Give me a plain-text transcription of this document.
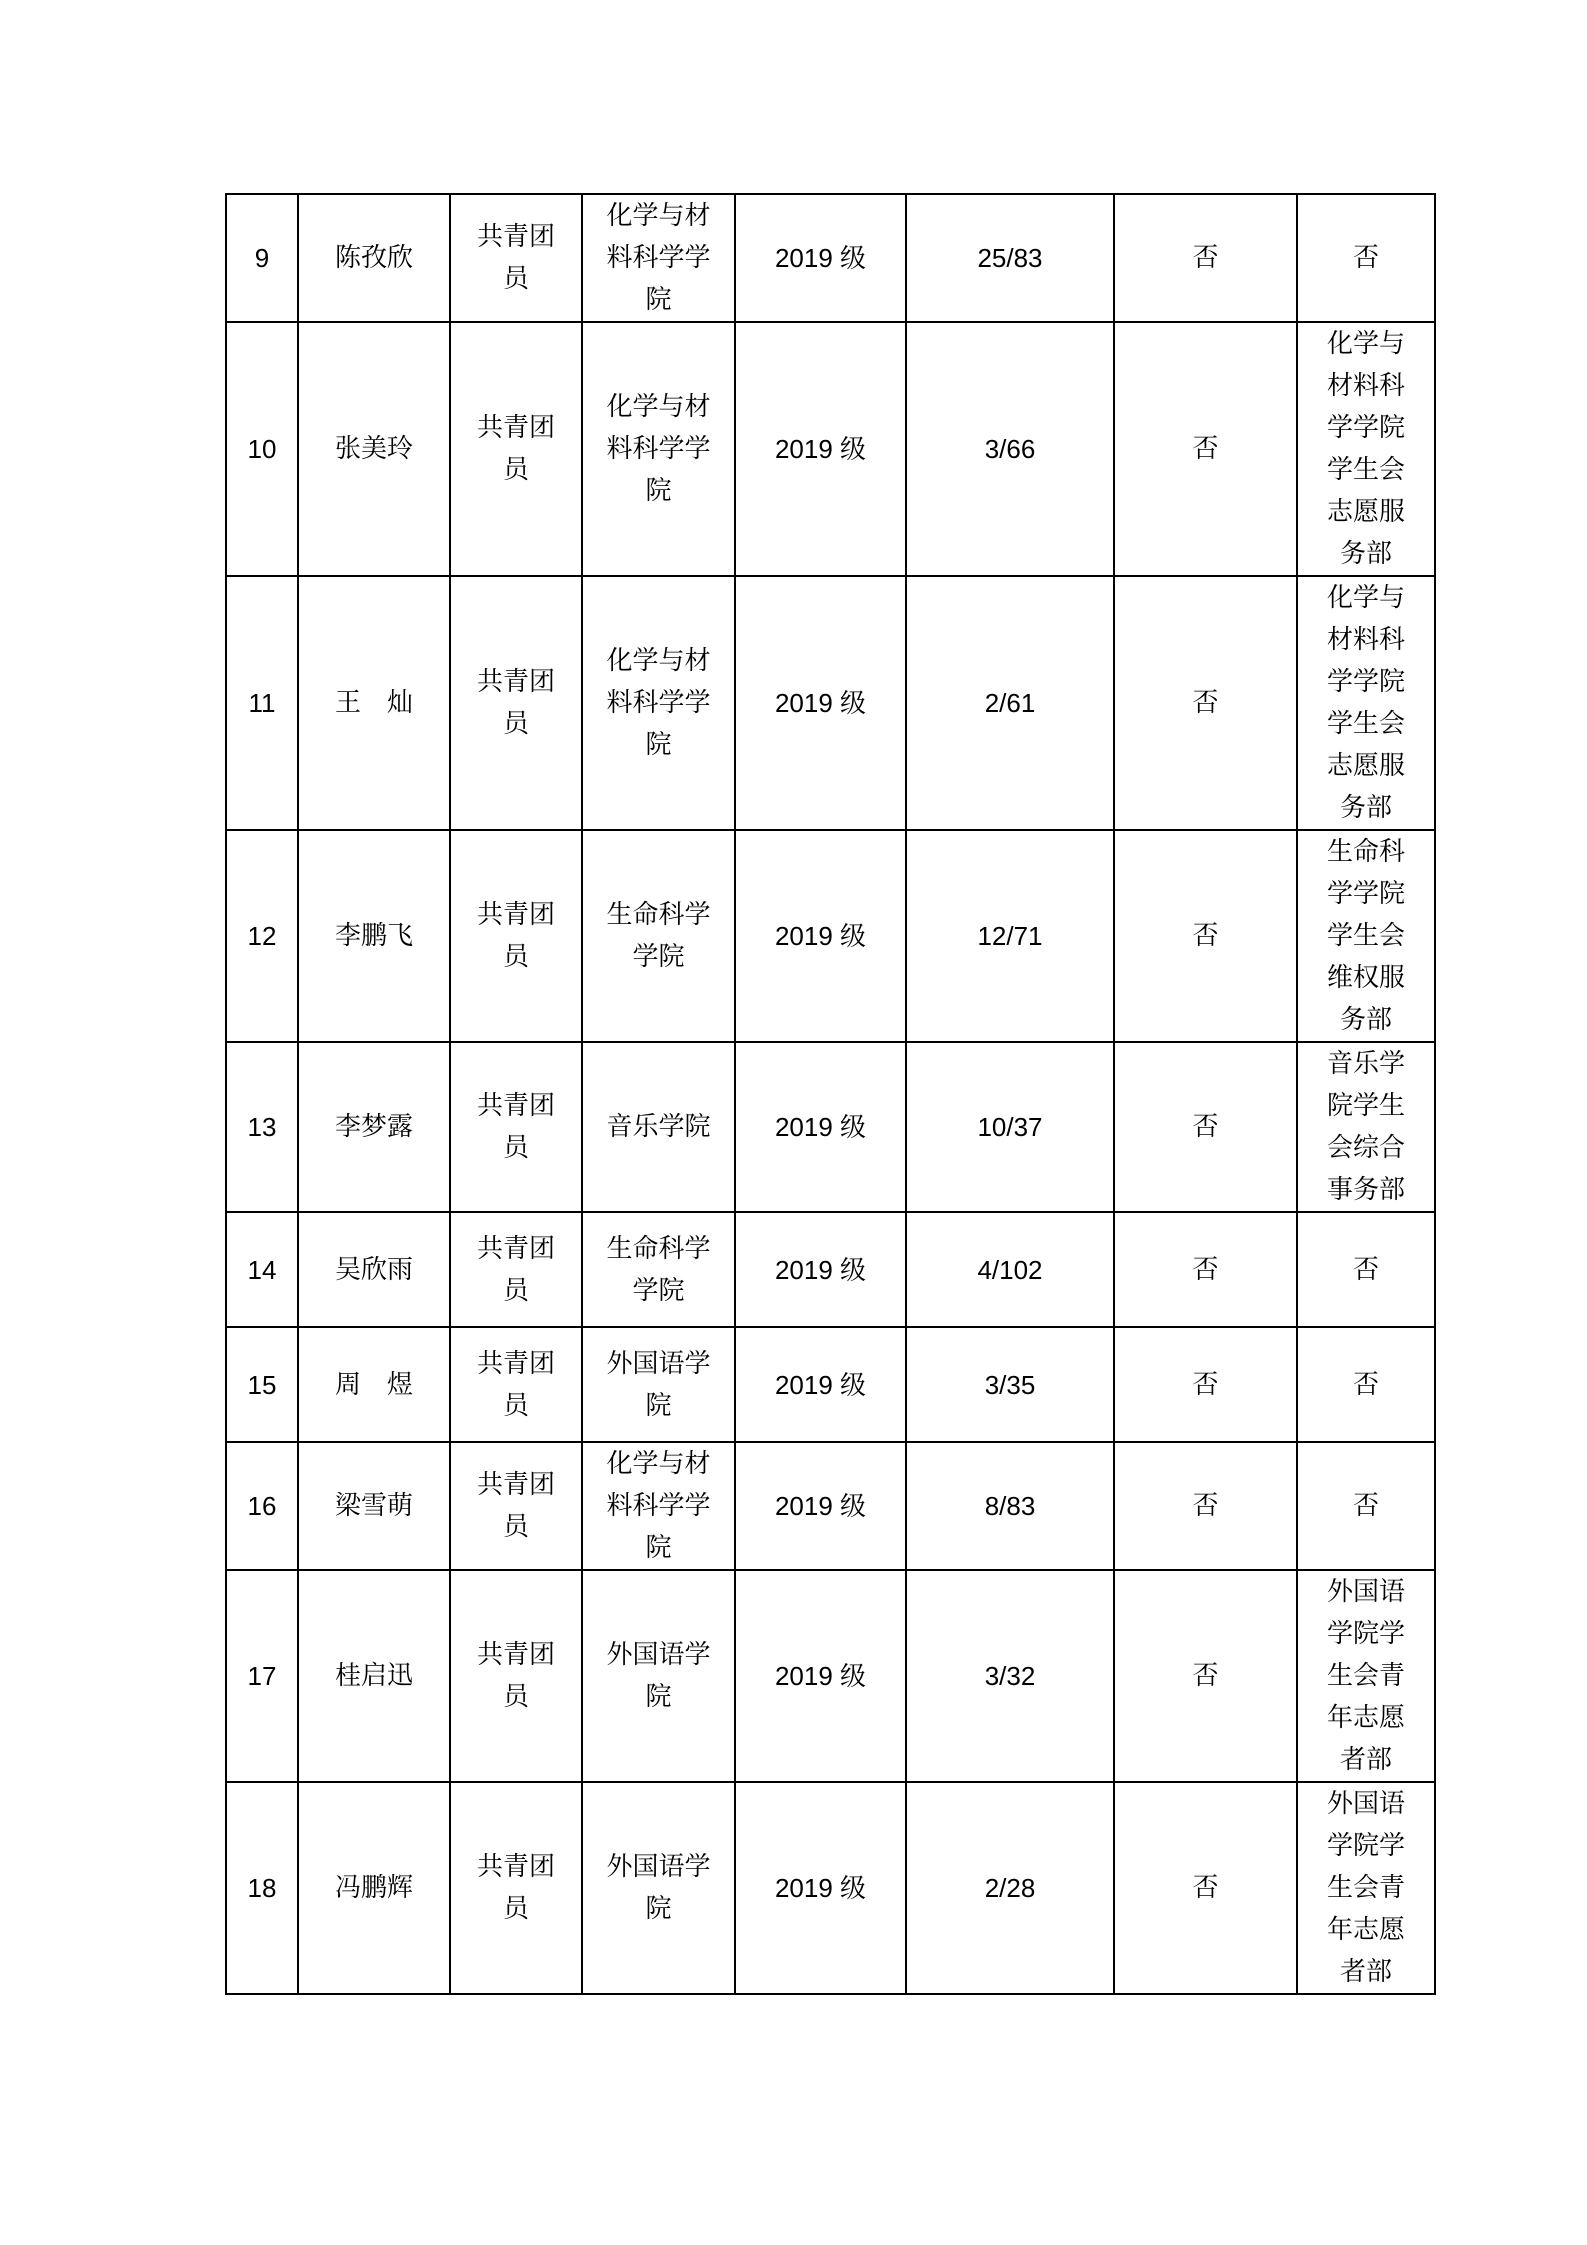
9	陈孜欣	共青团员	化学与材料科学学院	2019 级	25/83	否	否
10	张美玲	共青团员	化学与材料科学学院	2019 级	3/66	否	化学与材料科学学院学生会志愿服务部
11	王　灿	共青团员	化学与材料科学学院	2019 级	2/61	否	化学与材料科学学院学生会志愿服务部
12	李鹏飞	共青团员	生命科学学院	2019 级	12/71	否	生命科学学院学生会维权服务部
13	李梦露	共青团员	音乐学院	2019 级	10/37	否	音乐学院学生会综合事务部
14	吴欣雨	共青团员	生命科学学院	2019 级	4/102	否	否
15	周　煜	共青团员	外国语学院	2019 级	3/35	否	否
16	梁雪萌	共青团员	化学与材料科学学院	2019 级	8/83	否	否
17	桂启迅	共青团员	外国语学院	2019 级	3/32	否	外国语学院学生会青年志愿者部
18	冯鹏辉	共青团员	外国语学院	2019 级	2/28	否	外国语学院学生会青年志愿者部
